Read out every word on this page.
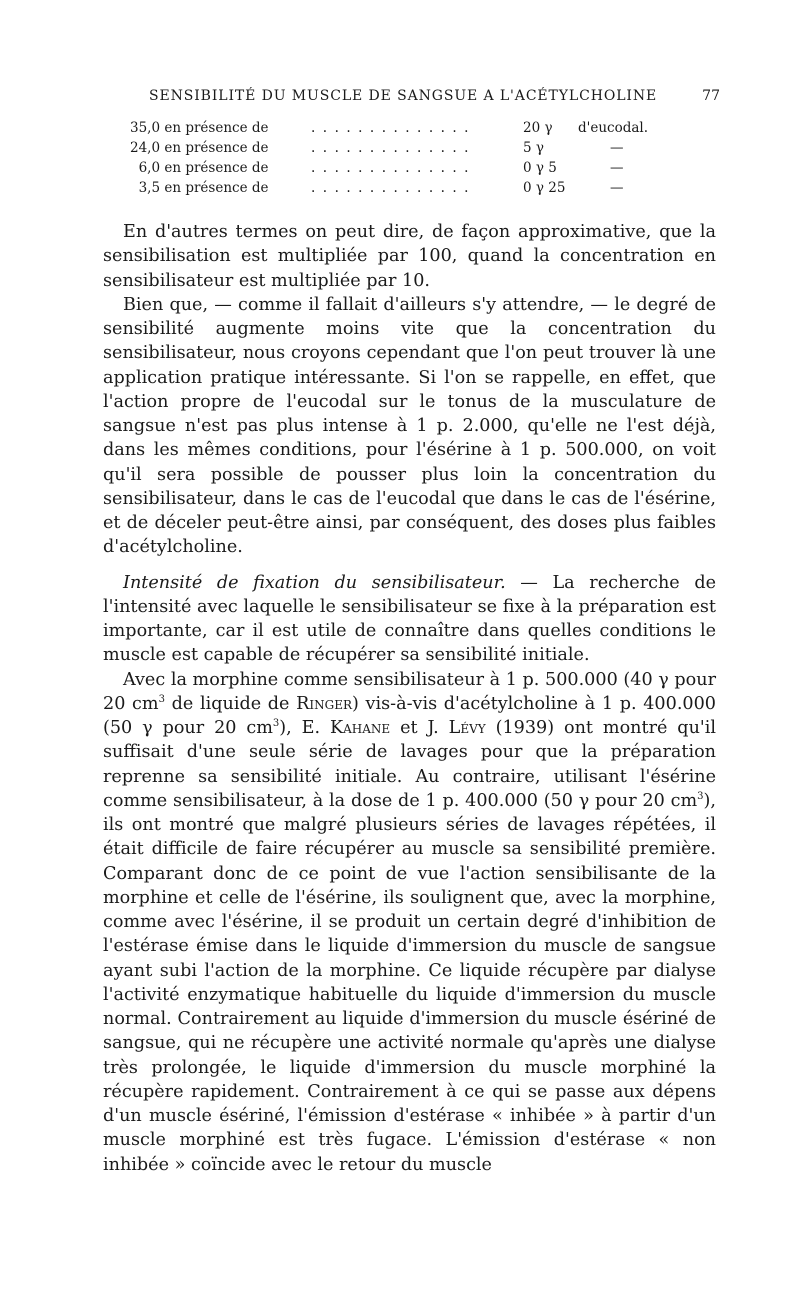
SENSIBILITÉ DU MUSCLE DE SANGSUE A L'ACÉTYLCHOLINE	77
35,0 en présence de	. . . . . . . . . . . . . .	20 γ d'eucodal.
24,0 en présence de	. . . . . . . . . . . . . .	5 γ	—
6,0 en présence de	. . . . . . . . . . . . . .	0 γ 5	—
3,5 en présence de	. . . . . . . . . . . . . .	0 γ 25	—

En d'autres termes on peut dire, de façon approximative, que la sensibilisation est multipliée par 100, quand la concentration en sensibilisateur est multipliée par 10.

Bien que, — comme il fallait d'ailleurs s'y attendre, — le degré de sensibilité augmente moins vite que la concentration du sensibilisateur, nous croyons cependant que l'on peut trouver là une application pratique intéressante. Si l'on se rappelle, en effet, que l'action propre de l'eucodal sur le tonus de la musculature de sangsue n'est pas plus intense à 1 p. 2.000, qu'elle ne l'est déjà, dans les mêmes conditions, pour l'ésérine à 1 p. 500.000, on voit qu'il sera possible de pousser plus loin la concentration du sensibilisateur, dans le cas de l'eucodal que dans le cas de l'ésérine, et de déceler peut-être ainsi, par conséquent, des doses plus faibles d'acétylcholine.

Intensité de fixation du sensibilisateur. — La recherche de l'intensité avec laquelle le sensibilisateur se fixe à la préparation est importante, car il est utile de connaître dans quelles conditions le muscle est capable de récupérer sa sensibilité initiale.

Avec la morphine comme sensibilisateur à 1 p. 500.000 (40 γ pour 20 $cm^3$ de liquide de Ringer) vis-à-vis d'acétylcholine à 1 p. 400.000 (50 γ pour 20 $cm^3$), E. Kahane et J. Lévy (1939) ont montré qu'il suffisait d'une seule série de lavages pour que la préparation reprenne sa sensibilité initiale. Au contraire, utilisant l'ésérine comme sensibilisateur, à la dose de 1 p. 400.000 (50 γ pour 20 $cm^3$), ils ont montré que malgré plusieurs séries de lavages répétées, il était difficile de faire récupérer au muscle sa sensibilité première. Comparant donc de ce point de vue l'action sensibilisante de la morphine et celle de l'ésérine, ils soulignent que, avec la morphine, comme avec l'ésérine, il se produit un certain degré d'inhibition de l'estérase émise dans le liquide d'immersion du muscle de sangsue ayant subi l'action de la morphine. Ce liquide récupère par dialyse l'activité enzymatique habituelle du liquide d'immersion du muscle normal. Contrairement au liquide d'immersion du muscle ésériné de sangsue, qui ne récupère une activité normale qu'après une dialyse très prolongée, le liquide d'immersion du muscle morphiné la récupère rapidement. Contrairement à ce qui se passe aux dépens d'un muscle ésériné, l'émission d'estérase « inhibée » à partir d'un muscle morphiné est très fugace. L'émission d'estérase « non inhibée » coïncide avec le retour du muscle
